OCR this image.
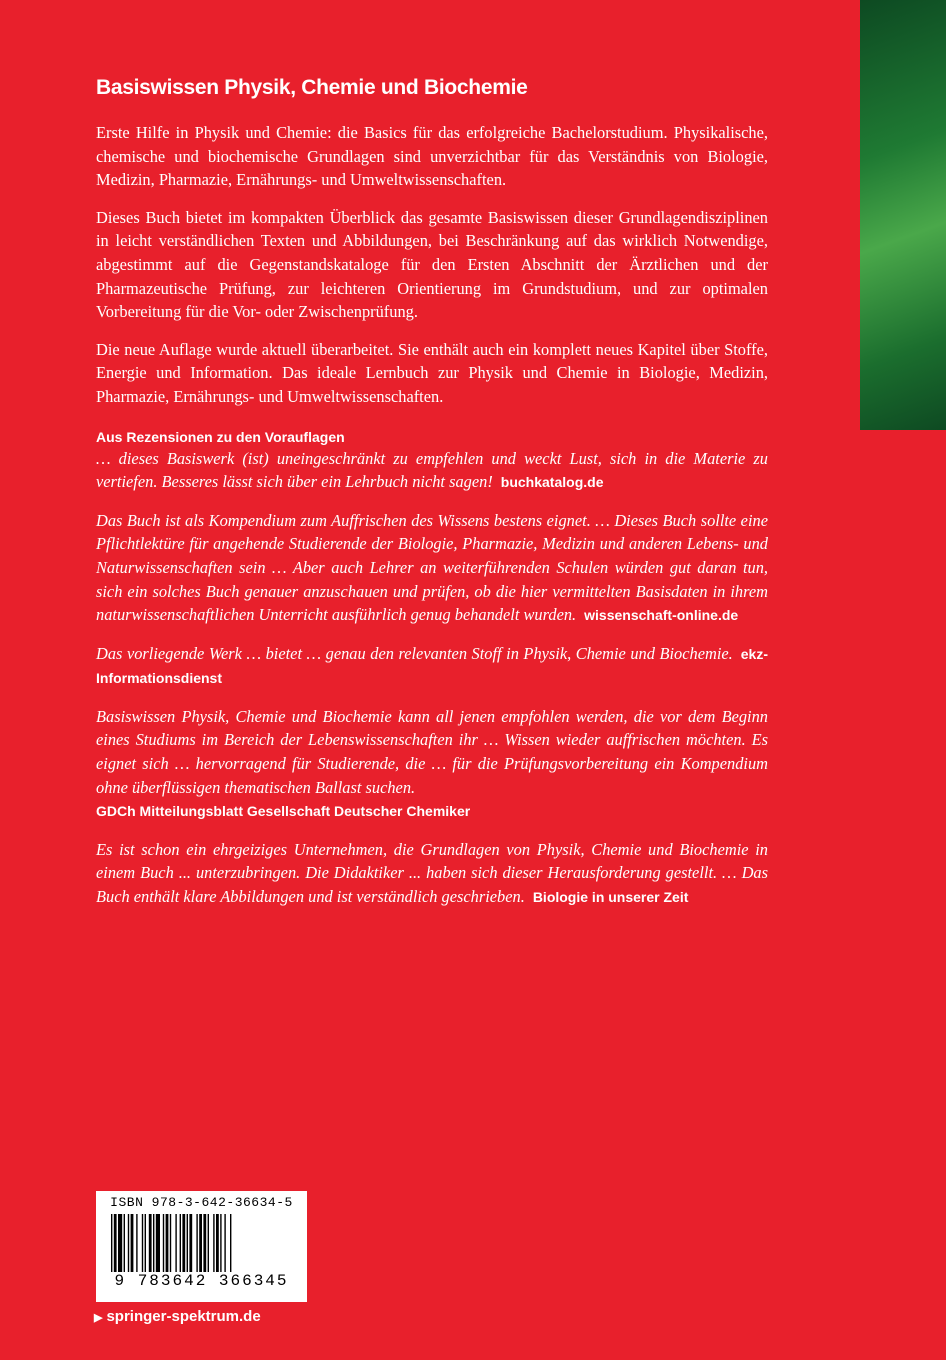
Basiswissen Physik, Chemie und Biochemie

Erste Hilfe in Physik und Chemie: die Basics für das erfolgreiche Bachelorstudium. Physikalische, chemische und biochemische Grundlagen sind unverzichtbar für das Verständnis von Biologie, Medizin, Pharmazie, Ernährungs- und Umweltwissenschaften.

Dieses Buch bietet im kompakten Überblick das gesamte Basiswissen dieser Grundlagendisziplinen in leicht verständlichen Texten und Abbildungen, bei Beschränkung auf das wirklich Notwendige, abgestimmt auf die Gegenstandskataloge für den Ersten Abschnitt der Ärztlichen und der Pharmazeutische Prüfung, zur leichteren Orientierung im Grundstudium, und zur optimalen Vorbereitung für die Vor- oder Zwischenprüfung.

Die neue Auflage wurde aktuell überarbeitet. Sie enthält auch ein komplett neues Kapitel über Stoffe, Energie und Information. Das ideale Lernbuch zur Physik und Chemie in Biologie, Medizin, Pharmazie, Ernährungs- und Umweltwissenschaften.

Aus Rezensionen zu den Vorauflagen

… dieses Basiswerk (ist) uneingeschränkt zu empfehlen und weckt Lust, sich in die Materie zu vertiefen. Besseres lässt sich über ein Lehrbuch nicht sagen! buchkatalog.de

Das Buch ist als Kompendium zum Auffrischen des Wissens bestens eignet. … Dieses Buch sollte eine Pflichtlektüre für angehende Studierende der Biologie, Pharmazie, Medizin und anderen Lebens- und Naturwissenschaften sein … Aber auch Lehrer an weiterführenden Schulen würden gut daran tun, sich ein solches Buch genauer anzuschauen und prüfen, ob die hier vermittelten Basisdaten in ihrem naturwissenschaftlichen Unterricht ausführlich genug behandelt wurden. wissenschaft-online.de

Das vorliegende Werk … bietet … genau den relevanten Stoff in Physik, Chemie und Biochemie. ekz-Informationsdienst

Basiswissen Physik, Chemie und Biochemie kann all jenen empfohlen werden, die vor dem Beginn eines Studiums im Bereich der Lebenswissenschaften ihr … Wissen wieder auffrischen möchten. Es eignet sich … hervorragend für Studierende, die … für die Prüfungsvorbereitung ein Kompendium ohne überflüssigen thematischen Ballast suchen.
GDCh Mitteilungsblatt Gesellschaft Deutscher Chemiker

Es ist schon ein ehrgeiziges Unternehmen, die Grundlagen von Physik, Chemie und Biochemie in einem Buch ... unterzubringen. Die Didaktiker ... haben sich dieser Herausforderung gestellt. … Das Buch enthält klare Abbildungen und ist verständlich geschrieben. Biologie in unserer Zeit

ISBN 978-3-642-36634-5
9 783642 366345
▶ springer-spektrum.de
